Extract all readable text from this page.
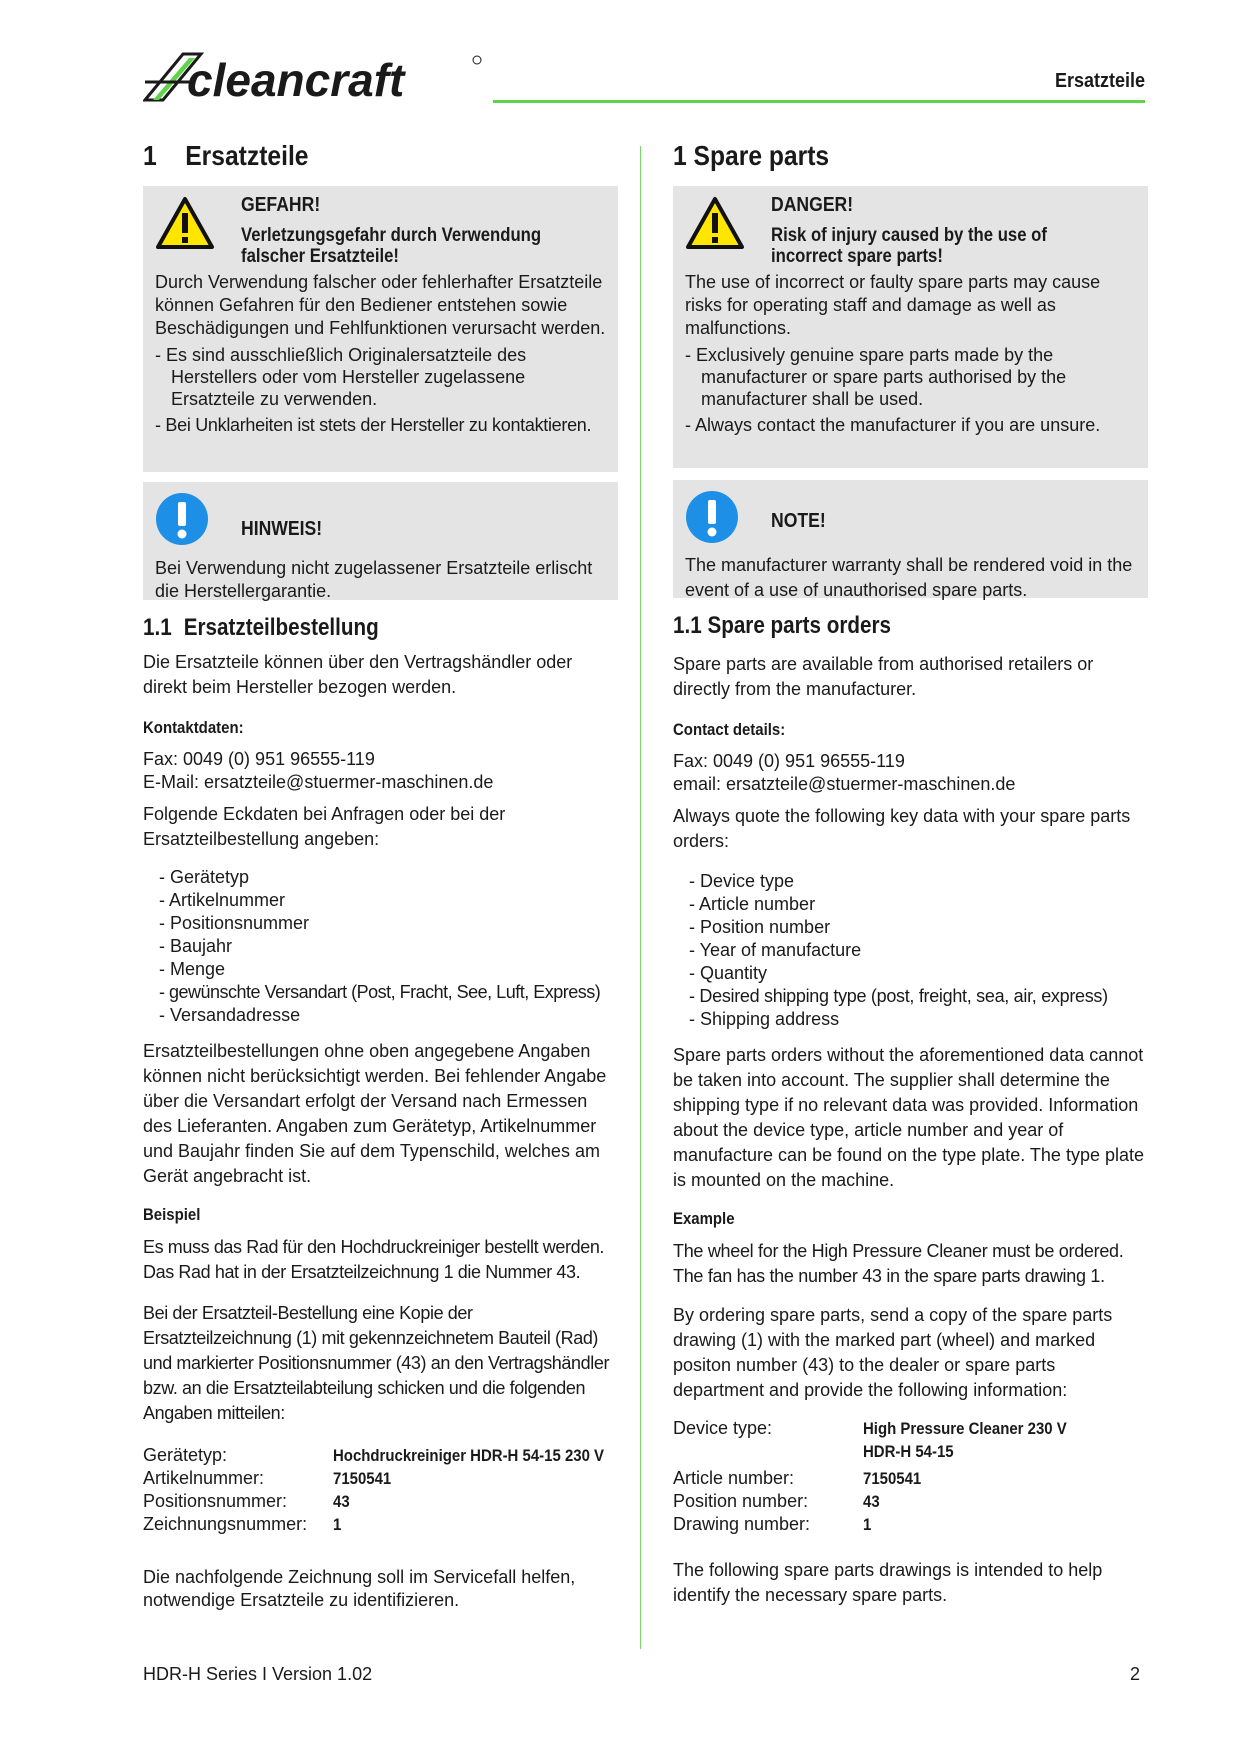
cleancraft	Ersatzteile
1 Ersatzteile
GEFAHR!
Verletzungsgefahr durch Verwendung falscher Ersatzteile!

Durch Verwendung falscher oder fehlerhafter Ersatzteile können Gefahren für den Bediener entstehen sowie Beschädigungen und Fehlfunktionen verursacht werden.

- Es sind ausschließlich Originalersatzteile des Herstellers oder vom Hersteller zugelassene Ersatzteile zu verwenden.
- Bei Unklarheiten ist stets der Hersteller zu kontaktieren.
HINWEIS!

Bei Verwendung nicht zugelassener Ersatzteile erlischt die Herstellergarantie.

1.1 Ersatzteilbestellung

Die Ersatzteile können über den Vertragshändler oder direkt beim Hersteller bezogen werden.

Kontaktdaten:

Fax: 0049 (0) 951 96555-119

E-Mail: ersatzteile@stuermer-maschinen.de

Folgende Eckdaten bei Anfragen oder bei der Ersatzteilbestellung angeben:

- Gerätetyp
- Artikelnummer
- Positionsnummer
- Baujahr
- Menge
- gewünschte Versandart (Post, Fracht, See, Luft, Express)
- Versandadresse

Ersatzteilbestellungen ohne oben angegebene Angaben können nicht berücksichtigt werden. Bei fehlender Angabe über die Versandart erfolgt der Versand nach Ermessen des Lieferanten. Angaben zum Gerätetyp, Artikelnummer und Baujahr finden Sie auf dem Typenschild, welches am Gerät angebracht ist.

Beispiel

Es muss das Rad für den Hochdruckreiniger bestellt werden. Das Rad hat in der Ersatzteilzeichnung 1 die Nummer 43.

Bei der Ersatzteil-Bestellung eine Kopie der Ersatzteilzeichnung (1) mit gekennzeichnetem Bauteil (Rad) und markierter Positionsnummer (43) an den Vertragshändler bzw. an die Ersatzteilabteilung schicken und die folgenden Angaben mitteilen:

Gerätetyp:	Hochdruckreiniger HDR-H 54-15 230 V
Artikelnummer:	7150541
Positionsnummer:	43
Zeichnungsnummer:	1

Die nachfolgende Zeichnung soll im Servicefall helfen, notwendige Ersatzteile zu identifizieren.

1 Spare parts
DANGER!
Risk of injury caused by the use of incorrect spare parts!

The use of incorrect or faulty spare parts may cause risks for operating staff and damage as well as malfunctions.

- Exclusively genuine spare parts made by the manufacturer or spare parts authorised by the manufacturer shall be used.
- Always contact the manufacturer if you are unsure.
NOTE!

The manufacturer warranty shall be rendered void in the event of a use of unauthorised spare parts.

1.1 Spare parts orders

Spare parts are available from authorised retailers or directly from the manufacturer.

Contact details:

Fax: 0049 (0) 951 96555-119

email: ersatzteile@stuermer-maschinen.de

Always quote the following key data with your spare parts orders:

- Device type
- Article number
- Position number
- Year of manufacture
- Quantity
- Desired shipping type (post, freight, sea, air, express)
- Shipping address

Spare parts orders without the aforementioned data cannot be taken into account. The supplier shall determine the shipping type if no relevant data was provided. Information about the device type, article number and year of manufacture can be found on the type plate. The type plate is mounted on the machine.

Example

The wheel for the High Pressure Cleaner must be ordered. The fan has the number 43 in the spare parts drawing 1.

By ordering spare parts, send a copy of the spare parts drawing (1) with the marked part (wheel) and marked positon number (43) to the dealer or spare parts department and provide the following information:

Device type:	High Pressure Cleaner 230 V
HDR-H 54-15
Article number:	7150541
Position number:	43
Drawing number:	1

The following spare parts drawings is intended to help identify the necessary spare parts.

HDR-H Series I Version 1.02	2
